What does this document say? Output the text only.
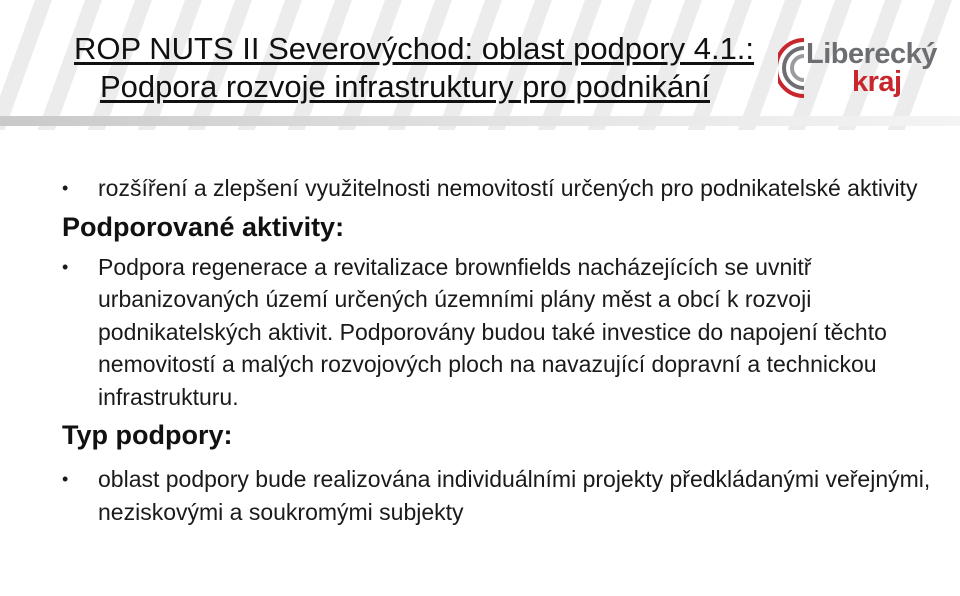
ROP NUTS II Severovýchod: oblast podpory 4.1.:
Podpora rozvoje infrastruktury pro podnikání
Liberecký
kraj
• rozšíření a zlepšení využitelnosti nemovitostí určených pro podnikatelské aktivity
Podporované aktivity:
• Podpora regenerace a revitalizace brownfields nacházejících se uvnitř urbanizovaných území určených územními plány měst a obcí k rozvoji podnikatelských aktivit. Podporovány budou také investice do napojení těchto nemovitostí a malých rozvojových ploch na navazující dopravní a technickou infrastrukturu.
Typ podpory:
• oblast podpory bude realizována individuálními projekty předkládanými veřejnými, neziskovými a soukromými subjekty
